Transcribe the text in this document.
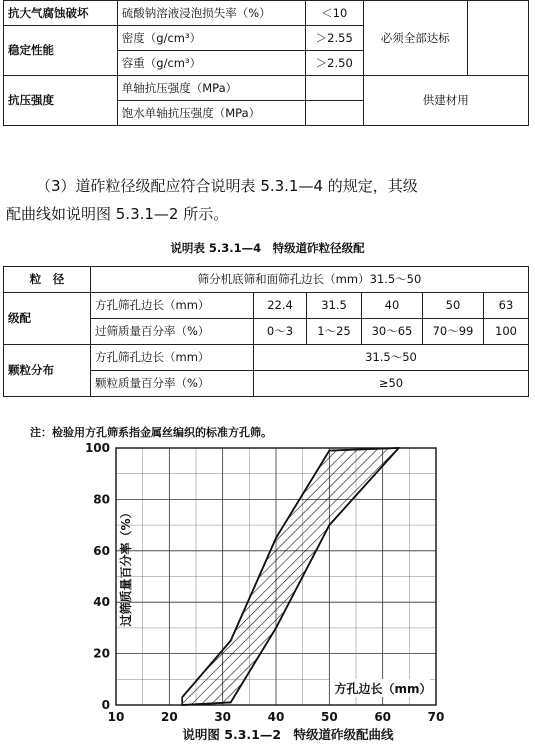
抗大气腐蚀破坏	硫酸钠溶液浸泡损失率（%）	＜10	必须全部达标	
稳定性能	密度（g/cm³）	＞2.55		
	容重（g/cm³）	＞2.50		
抗压强度	单轴抗压强度（MPa）		供建材用	
	饱水单轴抗压强度（MPa）			
（3）道砟粒径级配应符合说明表 5.3.1—4 的规定，其级
配曲线如说明图 5.3.1—2 所示。
说明表 5.3.1—4　特级道砟粒径级配
粒　径	筛分机底筛和面筛孔边长（mm）31.5～50					
级配	方孔筛孔边长（mm）	22.4	31.5	40	50	63
	过筛质量百分率（%）	0～3	1～25	30～65	70～99	100
颗粒分布	方孔筛孔边长（mm）	31.5～50				
	颗粒质量百分率（%）	≥50				
注：检验用方孔筛系指金属丝编织的标准方孔筛。
10	20	30	40	50	60	70
0
20
40
60
80
100
方孔边长（mm）
过筛质量百分率（%）
说明图 5.3.1—2　特级道砟级配曲线
